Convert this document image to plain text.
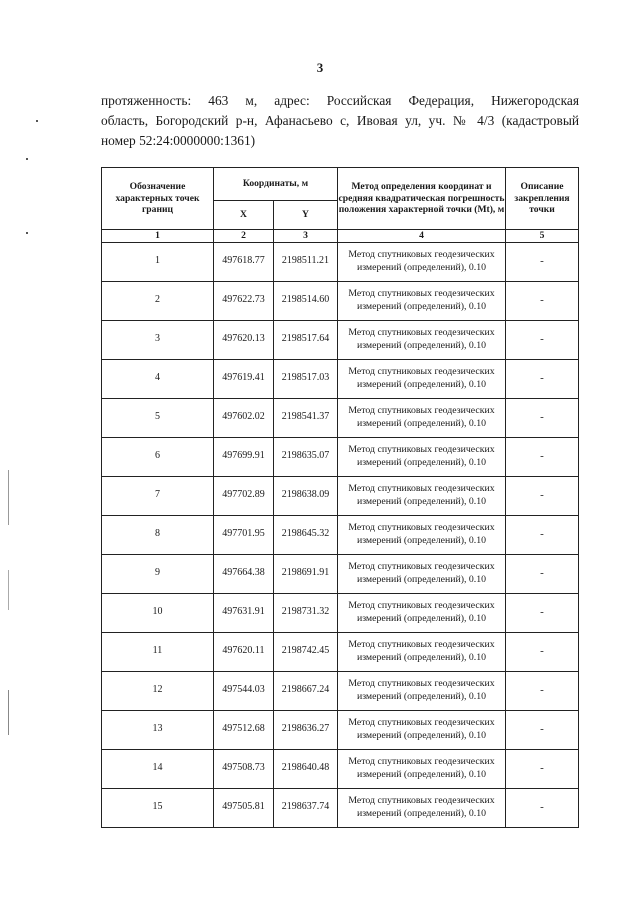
3
протяженность: 463 м, адрес: Российская Федерация, Нижегородская
область, Богородский р-н, Афанасьево с, Ивовая ул, уч. № 4/3 (кадастровый
номер 52:24:0000000:1361)
Обозначение характерных точек границ	Координаты, м		Метод определения координат и средняя квадратическая погрешность положения характерной точки (Mt), м	Описание закрепления точки
	X	Y		
1	2	3	4	5
1	497618.77	2198511.21	Метод спутниковых геодезических измерений (определений), 0.10	-
2	497622.73	2198514.60	Метод спутниковых геодезических измерений (определений), 0.10	-
3	497620.13	2198517.64	Метод спутниковых геодезических измерений (определений), 0.10	-
4	497619.41	2198517.03	Метод спутниковых геодезических измерений (определений), 0.10	-
5	497602.02	2198541.37	Метод спутниковых геодезических измерений (определений), 0.10	-
6	497699.91	2198635.07	Метод спутниковых геодезических измерений (определений), 0.10	-
7	497702.89	2198638.09	Метод спутниковых геодезических измерений (определений), 0.10	-
8	497701.95	2198645.32	Метод спутниковых геодезических измерений (определений), 0.10	-
9	497664.38	2198691.91	Метод спутниковых геодезических измерений (определений), 0.10	-
10	497631.91	2198731.32	Метод спутниковых геодезических измерений (определений), 0.10	-
11	497620.11	2198742.45	Метод спутниковых геодезических измерений (определений), 0.10	-
12	497544.03	2198667.24	Метод спутниковых геодезических измерений (определений), 0.10	-
13	497512.68	2198636.27	Метод спутниковых геодезических измерений (определений), 0.10	-
14	497508.73	2198640.48	Метод спутниковых геодезических измерений (определений), 0.10	-
15	497505.81	2198637.74	Метод спутниковых геодезических измерений (определений), 0.10	-
